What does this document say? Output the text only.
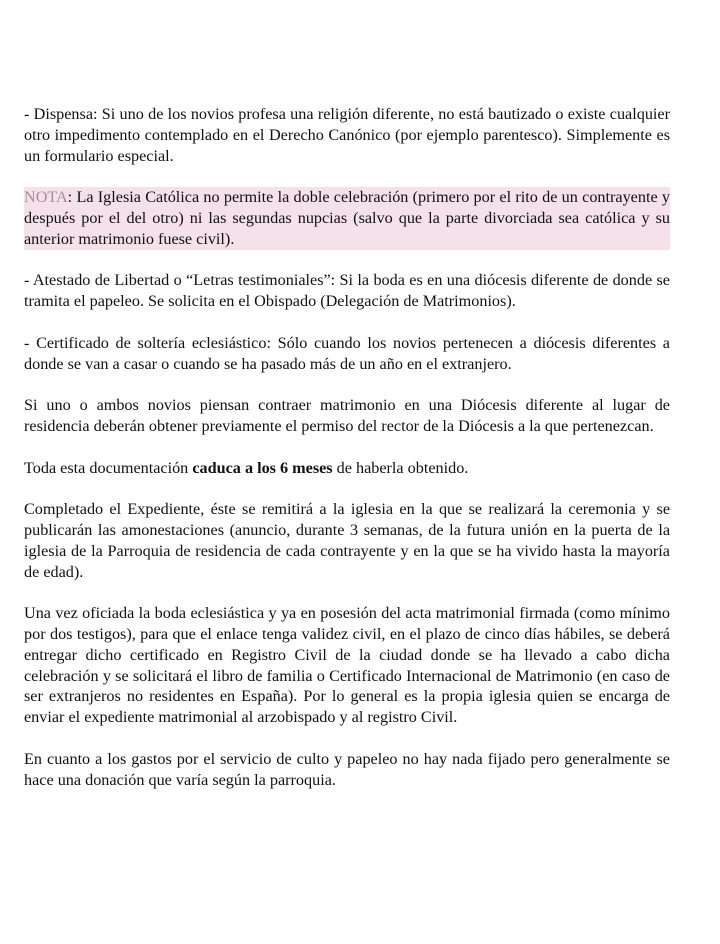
- Dispensa: Si uno de los novios profesa una religión diferente, no está bautizado o existe cualquier otro impedimento contemplado en el Derecho Canónico (por ejemplo parentesco). Simplemente es un formulario especial.

NOTA: La Iglesia Católica no permite la doble celebración (primero por el rito de un contrayente y después por el del otro) ni las segundas nupcias (salvo que la parte divorciada sea católica y su anterior matrimonio fuese civil).

- Atestado de Libertad o “Letras testimoniales”: Si la boda es en una diócesis diferente de donde se tramita el papeleo. Se solicita en el Obispado (Delegación de Matrimonios).

- Certificado de soltería eclesiástico: Sólo cuando los novios pertenecen a diócesis diferentes a donde se van a casar o cuando se ha pasado más de un año en el extranjero.

Si uno o ambos novios piensan contraer matrimonio en una Diócesis diferente al lugar de residencia deberán obtener previamente el permiso del rector de la Diócesis a la que pertenezcan.

Toda esta documentación caduca a los 6 meses de haberla obtenido.

Completado el Expediente, éste se remitirá a la iglesia en la que se realizará la ceremonia y se publicarán las amonestaciones (anuncio, durante 3 semanas, de la futura unión en la puerta de la iglesia de la Parroquia de residencia de cada contrayente y en la que se ha vivido hasta la mayoría de edad).

Una vez oficiada la boda eclesiástica y ya en posesión del acta matrimonial firmada (como mínimo por dos testigos), para que el enlace tenga validez civil, en el plazo de cinco días hábiles, se deberá entregar dicho certificado en Registro Civil de la ciudad donde se ha llevado a cabo dicha celebración y se solicitará el libro de familia o Certificado Internacional de Matrimonio (en caso de ser extranjeros no residentes en España). Por lo general es la propia iglesia quien se encarga de enviar el expediente matrimonial al arzobispado y al registro Civil.

En cuanto a los gastos por el servicio de culto y papeleo no hay nada fijado pero generalmente se hace una donación que varía según la parroquia.
